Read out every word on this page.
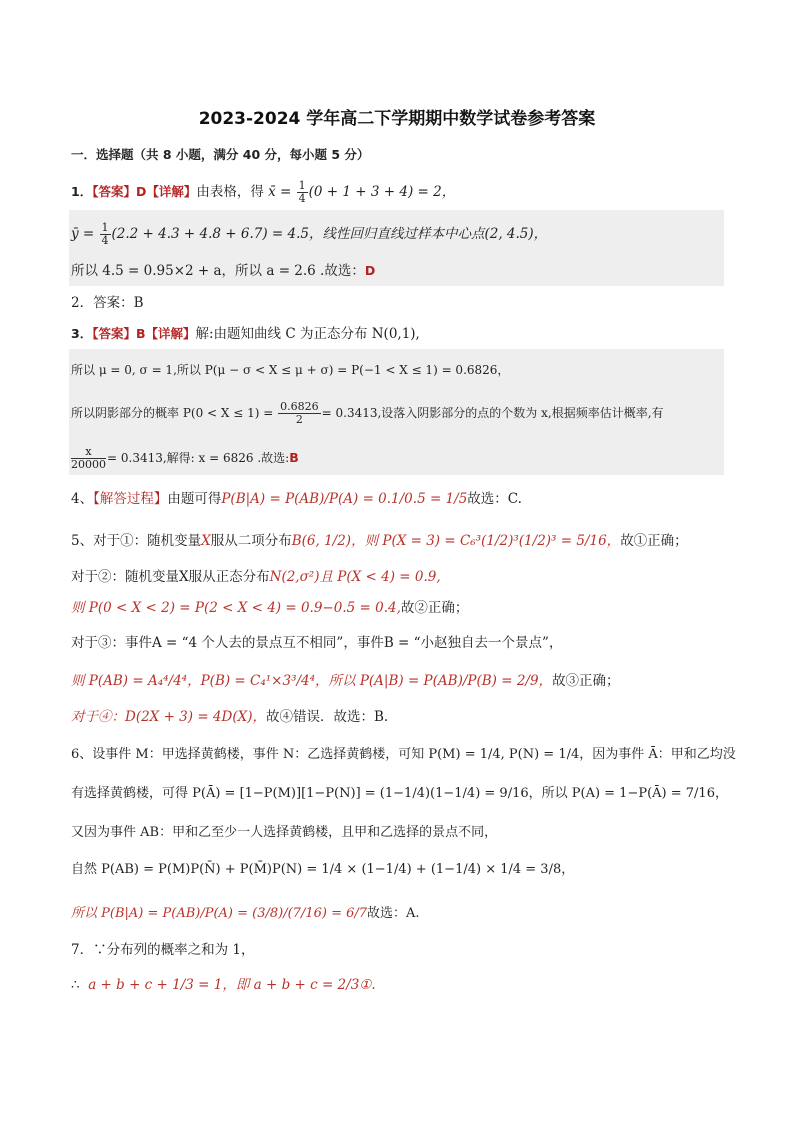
2023-2024 学年高二下学期期中数学试卷参考答案
一．选择题（共 8 小题，满分 40 分，每小题 5 分）
1．【答案】D【详解】由表格，得 x̄ = $\frac{1}{4} (0 + 1 + 3 + 4) = 2$，
ȳ = $\frac{1}{4} (2.2 + 4.3 + 4.8 + 6.7) = 4.5$，线性回归直线过样本中心点(2, 4.5)，
所以 4.5 = 0.95×2 + a，所以 a = 2.6 .故选：D
2．答案：B
3．【答案】B【详解】解:由题知曲线 C 为正态分布 N(0,1),
所以 μ = 0, σ = 1,所以 P(μ − σ < X ≤ μ + σ) = P(−1 < X ≤ 1) = 0.6826，
所以阴影部分的概率 $P(0 < X \le 1) = \frac{0.6826}{2} = 0.3413$,设落入阴影部分的点的个数为 x,根据频率估计概率,有
$\frac{x}{20000} = 0.3413$,解得: x = 6826 .故选:B
4、【解答过程】由题可得P(B|A) = P(AB)/P(A) = 0.1/0.5 = 1/5故选：C.
5、对于①：随机变量X服从二项分布B(6, 1/2)，则 P(X = 3) = C₆³(1/2)³(1/2)³ = 5/16，故①正确；
对于②：随机变量X服从正态分布N(2,σ²)且 P(X < 4) = 0.9,
则 P(0 < X < 2) = P(2 < X < 4) = 0.9−0.5 = 0.4,故②正确；
对于③：事件A = “4 个人去的景点互不相同”，事件B = “小赵独自去一个景点”，
则 P(AB) = A₄⁴/4⁴，P(B) = C₄¹×3³/4⁴，所以 P(A|B) = P(AB)/P(B) = 2/9，故③正确；
对于④：D(2X + 3) = 4D(X)，故④错误．故选：B.
6、设事件 M：甲选择黄鹤楼，事件 N：乙选择黄鹤楼，可知 P(M) = 1/4, P(N) = 1/4，因为事件 Ā：甲和乙均没
有选择黄鹤楼，可得 P(Ā) = [1−P(M)][1−P(N)] = (1−1/4)(1−1/4) = 9/16，所以 P(A) = 1−P(Ā) = 7/16，
又因为事件 AB：甲和乙至少一人选择黄鹤楼，且甲和乙选择的景点不同，
自然 P(AB) = P(M)P(N̄) + P(M̄)P(N) = 1/4 × (1−1/4) + (1−1/4) × 1/4 = 3/8，
所以 P(B|A) = P(AB)/P(A) = (3/8)/(7/16) = 6/7故选：A.
7．∵分布列的概率之和为 1，
∴ a + b + c + 1/3 = 1，即 a + b + c = 2/3①.
